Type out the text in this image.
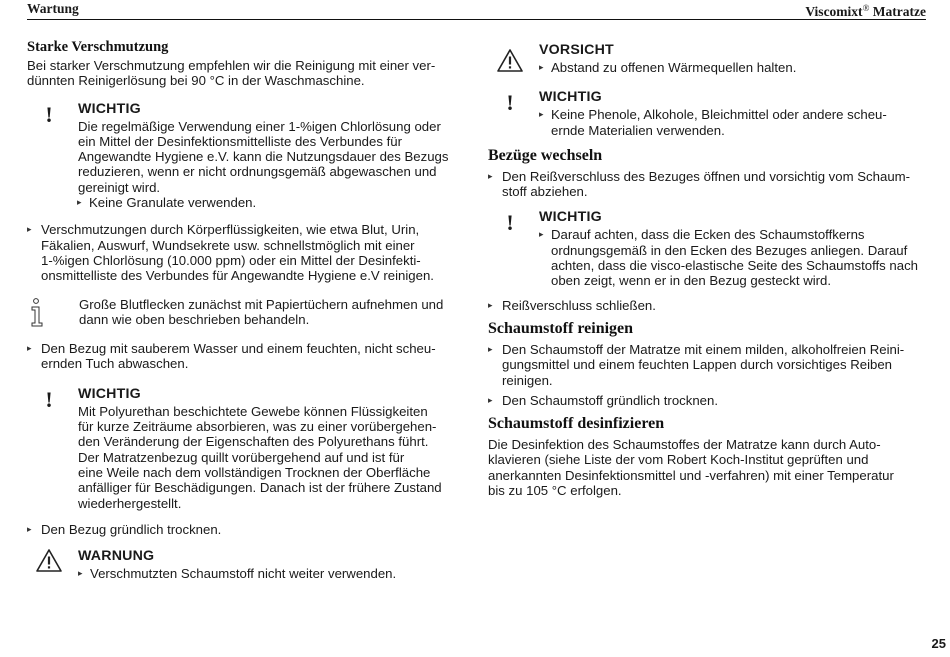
Wartung	Viscomixt® Matratze
Starke Verschmutzung

Bei starker Verschmutzung empfehlen wir die Reinigung mit einer ver-
dünnten Reinigerlösung bei 90 °C in der Waschmaschine.

!	WICHTIG
Die regelmäßige Verwendung einer 1-%igen Chlorlösung oder
ein Mittel der Desinfektionsmittelliste des Verbundes für
Angewandte Hygiene e.V. kann die Nutzungsdauer des Bezugs
reduzieren, wenn er nicht ordnungsgemäß abgewaschen und
gereinigt wird.
▸ Keine Granulate verwenden.
▸ Verschmutzungen durch Körperflüssigkeiten, wie etwa Blut, Urin,
Fäkalien, Auswurf, Wundsekrete usw. schnellstmöglich mit einer
1-%igen Chlorlösung (10.000 ppm) oder ein Mittel der Desinfekti-
onsmittelliste des Verbundes für Angewandte Hygiene e.V reinigen.
Große Blutflecken zunächst mit Papiertüchern aufnehmen und
dann wie oben beschrieben behandeln.
▸ Den Bezug mit sauberem Wasser und einem feuchten, nicht scheu-
ernden Tuch abwaschen.
!	WICHTIG
Mit Polyurethan beschichtete Gewebe können Flüssigkeiten
für kurze Zeiträume absorbieren, was zu einer vorübergehen-
den Veränderung der Eigenschaften des Polyurethans führt.
Der Matratzenbezug quillt vorübergehend auf und ist für
eine Weile nach dem vollständigen Trocknen der Oberfläche
anfälliger für Beschädigungen. Danach ist der frühere Zustand
wiederhergestellt.
▸ Den Bezug gründlich trocknen.
WARNUNG
▸ Verschmutzten Schaumstoff nicht weiter verwenden.
VORSICHT
▸ Abstand zu offenen Wärmequellen halten.
!	WICHTIG
▸ Keine Phenole, Alkohole, Bleichmittel oder andere scheu-
ernde Materialien verwenden.
Bezüge wechseln
▸ Den Reißverschluss des Bezuges öffnen und vorsichtig vom Schaum-
stoff abziehen.
!	WICHTIG
▸ Darauf achten, dass die Ecken des Schaumstoffkerns
ordnungsgemäß in den Ecken des Bezuges anliegen. Darauf
achten, dass die visco-elastische Seite des Schaumstoffs nach
oben zeigt, wenn er in den Bezug gesteckt wird.
▸ Reißverschluss schließen.
Schaumstoff reinigen
▸ Den Schaumstoff der Matratze mit einem milden, alkoholfreien Reini-
gungsmittel und einem feuchten Lappen durch vorsichtiges Reiben
reinigen.
▸ Den Schaumstoff gründlich trocknen.
Schaumstoff desinfizieren

Die Desinfektion des Schaumstoffes der Matratze kann durch Auto-
klavieren (siehe Liste der vom Robert Koch-Institut geprüften und
anerkannten Desinfektionsmittel und -verfahren) mit einer Temperatur
bis zu 105 °C erfolgen.

25
